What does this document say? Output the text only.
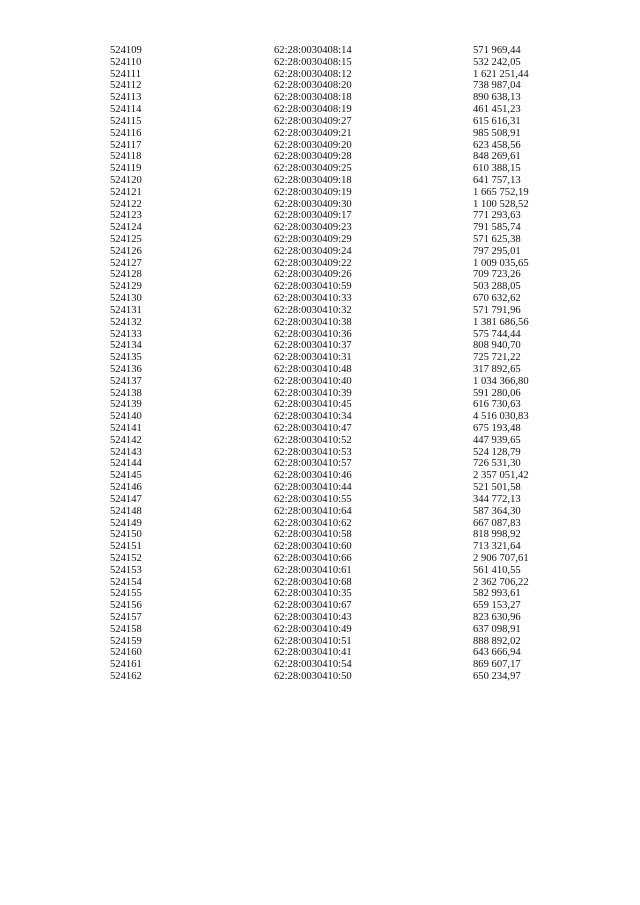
524109	62:28:0030408:14	571 969,44
524110	62:28:0030408:15	532 242,05
524111	62:28:0030408:12	1 621 251,44
524112	62:28:0030408:20	738 987,04
524113	62:28:0030408:18	890 638,13
524114	62:28:0030408:19	461 451,23
524115	62:28:0030409:27	615 616,31
524116	62:28:0030409:21	985 508,91
524117	62:28:0030409:20	623 458,56
524118	62:28:0030409:28	848 269,61
524119	62:28:0030409:25	610 388,15
524120	62:28:0030409:18	641 757,13
524121	62:28:0030409:19	1 665 752,19
524122	62:28:0030409:30	1 100 528,52
524123	62:28:0030409:17	771 293,63
524124	62:28:0030409:23	791 585,74
524125	62:28:0030409:29	571 625,38
524126	62:28:0030409:24	797 295,01
524127	62:28:0030409:22	1 009 035,65
524128	62:28:0030409:26	709 723,26
524129	62:28:0030410:59	503 288,05
524130	62:28:0030410:33	670 632,62
524131	62:28:0030410:32	571 791,96
524132	62:28:0030410:38	1 381 686,56
524133	62:28:0030410:36	575 744,44
524134	62:28:0030410:37	808 940,70
524135	62:28:0030410:31	725 721,22
524136	62:28:0030410:48	317 892,65
524137	62:28:0030410:40	1 034 366,80
524138	62:28:0030410:39	591 280,06
524139	62:28:0030410:45	616 730,63
524140	62:28:0030410:34	4 516 030,83
524141	62:28:0030410:47	675 193,48
524142	62:28:0030410:52	447 939,65
524143	62:28:0030410:53	524 128,79
524144	62:28:0030410:57	726 531,30
524145	62:28:0030410:46	2 357 051,42
524146	62:28:0030410:44	521 501,58
524147	62:28:0030410:55	344 772,13
524148	62:28:0030410:64	587 364,30
524149	62:28:0030410:62	667 087,83
524150	62:28:0030410:58	818 998,92
524151	62:28:0030410:60	713 321,64
524152	62:28:0030410:66	2 906 707,61
524153	62:28:0030410:61	561 410,55
524154	62:28:0030410:68	2 362 706,22
524155	62:28:0030410:35	582 993,61
524156	62:28:0030410:67	659 153,27
524157	62:28:0030410:43	823 630,96
524158	62:28:0030410:49	637 098,91
524159	62:28:0030410:51	888 892,02
524160	62:28:0030410:41	643 666,94
524161	62:28:0030410:54	869 607,17
524162	62:28:0030410:50	650 234,97
